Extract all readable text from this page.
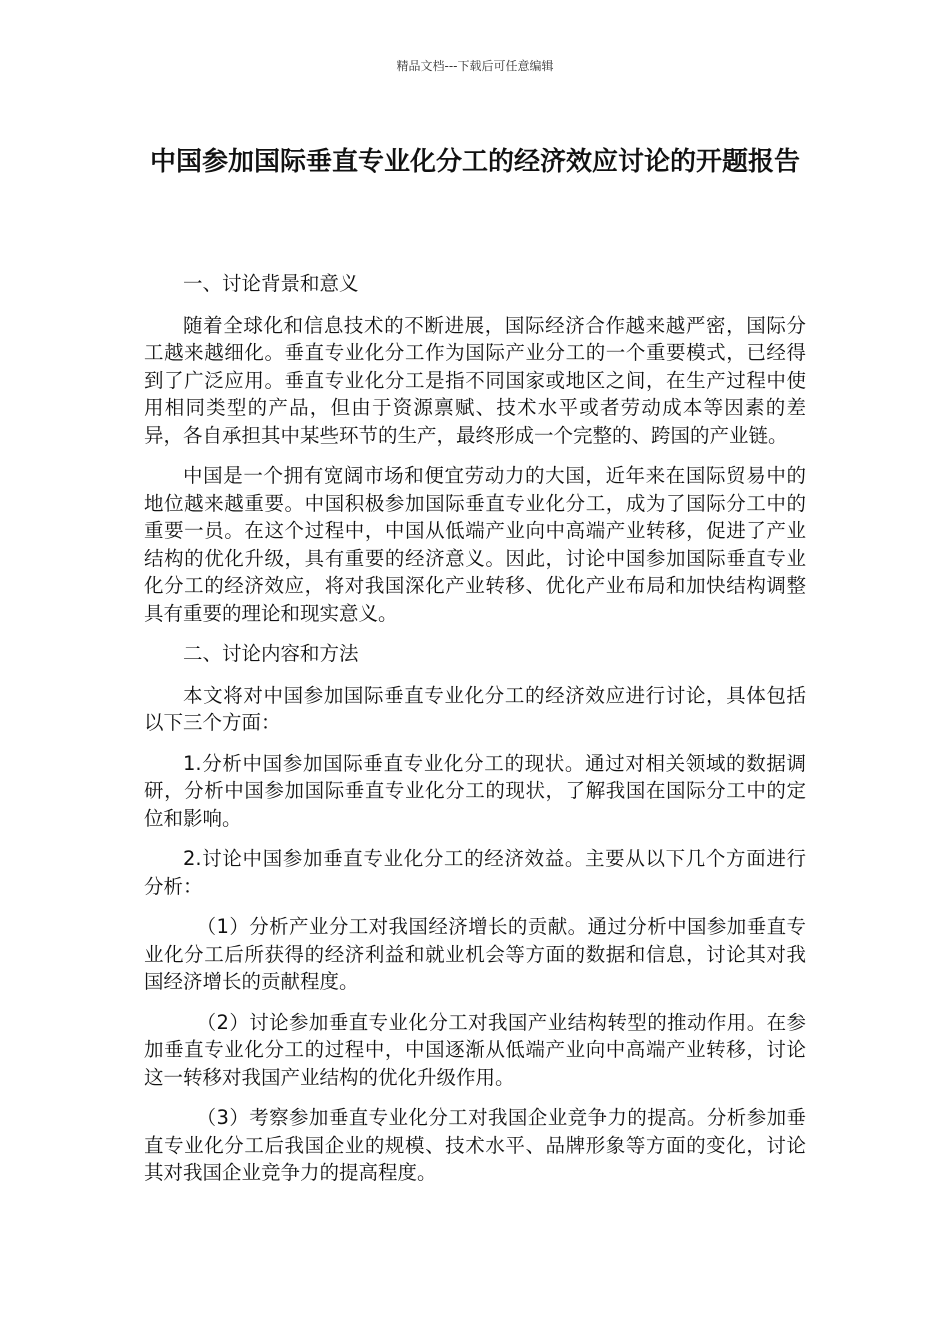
精品文档---下载后可任意编辑
中国参加国际垂直专业化分工的经济效应讨论的开题报告

一、讨论背景和意义

随着全球化和信息技术的不断进展，国际经济合作越来越严密，国际分工越来越细化。垂直专业化分工作为国际产业分工的一个重要模式，已经得到了广泛应用。垂直专业化分工是指不同国家或地区之间，在生产过程中使用相同类型的产品，但由于资源禀赋、技术水平或者劳动成本等因素的差异，各自承担其中某些环节的生产，最终形成一个完整的、跨国的产业链。

中国是一个拥有宽阔市场和便宜劳动力的大国，近年来在国际贸易中的地位越来越重要。中国积极参加国际垂直专业化分工，成为了国际分工中的重要一员。在这个过程中，中国从低端产业向中高端产业转移，促进了产业结构的优化升级，具有重要的经济意义。因此，讨论中国参加国际垂直专业化分工的经济效应，将对我国深化产业转移、优化产业布局和加快结构调整具有重要的理论和现实意义。

二、讨论内容和方法

本文将对中国参加国际垂直专业化分工的经济效应进行讨论，具体包括以下三个方面：

1.分析中国参加国际垂直专业化分工的现状。通过对相关领域的数据调研，分析中国参加国际垂直专业化分工的现状，了解我国在国际分工中的定位和影响。

2.讨论中国参加垂直专业化分工的经济效益。主要从以下几个方面进行分析：

（1）分析产业分工对我国经济增长的贡献。通过分析中国参加垂直专业化分工后所获得的经济利益和就业机会等方面的数据和信息，讨论其对我国经济增长的贡献程度。

（2）讨论参加垂直专业化分工对我国产业结构转型的推动作用。在参加垂直专业化分工的过程中，中国逐渐从低端产业向中高端产业转移，讨论这一转移对我国产业结构的优化升级作用。

（3）考察参加垂直专业化分工对我国企业竞争力的提高。分析参加垂直专业化分工后我国企业的规模、技术水平、品牌形象等方面的变化，讨论其对我国企业竞争力的提高程度。
